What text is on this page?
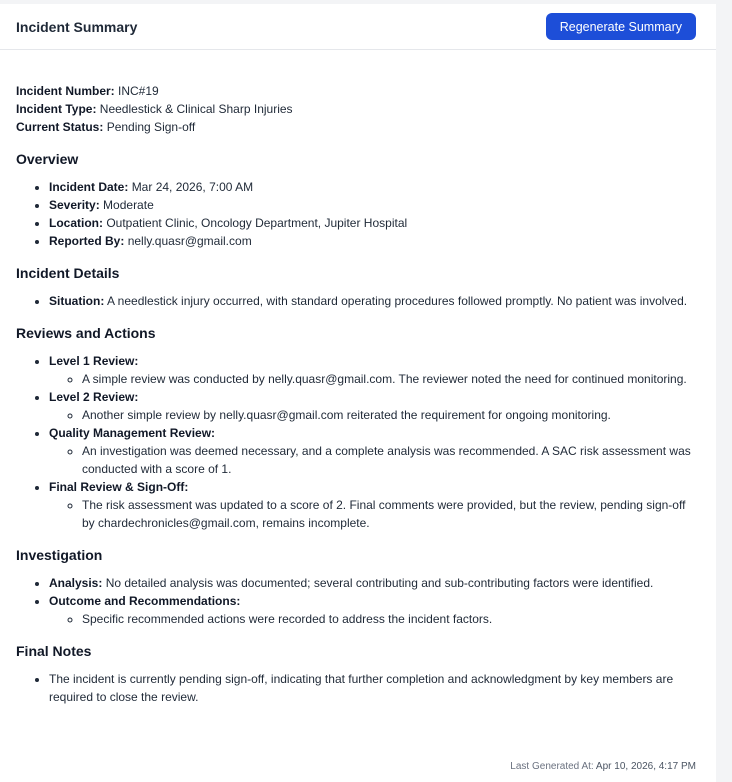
Incident Summary	Regenerate Summary

Incident Number: INC#19

Incident Type: Needlestick & Clinical Sharp Injuries

Current Status: Pending Sign-off

Overview
• Incident Date: Mar 24, 2026, 7:00 AM
• Severity: Moderate
• Location: Outpatient Clinic, Oncology Department, Jupiter Hospital
• Reported By: nelly.quasr@gmail.com
Incident Details
• Situation: A needlestick injury occurred, with standard operating procedures followed promptly. No patient was involved.
Reviews and Actions
• Level 1 Review:
◦ A simple review was conducted by nelly.quasr@gmail.com. The reviewer noted the need for continued monitoring.
• Level 2 Review:
◦ Another simple review by nelly.quasr@gmail.com reiterated the requirement for ongoing monitoring.
• Quality Management Review:
◦ An investigation was deemed necessary, and a complete analysis was recommended. A SAC risk assessment was conducted with a score of 1.
• Final Review & Sign-Off:
◦ The risk assessment was updated to a score of 2. Final comments were provided, but the review, pending sign-off by chardechronicles@gmail.com, remains incomplete.
Investigation
• Analysis: No detailed analysis was documented; several contributing and sub-contributing factors were identified.
• Outcome and Recommendations:
◦ Specific recommended actions were recorded to address the incident factors.
Final Notes
• The incident is currently pending sign-off, indicating that further completion and acknowledgment by key members are required to close the review.
Last Generated At: Apr 10, 2026, 4:17 PM
